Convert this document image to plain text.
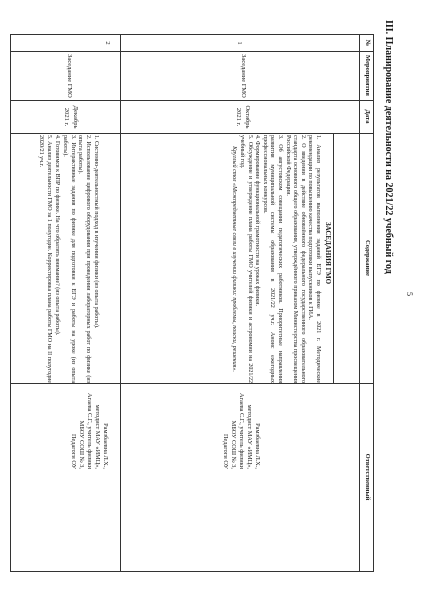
5
III. Планирование деятельности на 2021/22 учебный год
№
Мероприятия
Дата
Содержание
Ответственный
ЗАСЕДАНИЯ ГМО
1
Заседание ГМО
Октябрь
2021 г.

1. Анализ результатов выполнения заданий ЕГЭ по физике в 2021 г. Методические рекомендации по повышению качества подготовки выпускников к ГИА.

2. О введении в действие обновлённого федерального государственного образовательного стандарта основного общего образования, утверждённого приказом Министерства просвещения Российской Федерации.

3. Об августовском совещании педагогических работников. Приоритетные направления развития муниципальной системы образования в 2021/22 уч.г. Анонс ежегодных профессиональных конкурсов.

4. Формирование функциональной грамотности на уроках физики.

5. Обсуждение и утверждение плана работы ГМО учителей физики и астрономии на 2021/22 учебный год.

Круглый стол «Межпредметные связи в изучении физики: проблемы, поиски, решения».

Рамзбаевна Л.Х.,
методист МАУ «ИМЦ»,
Агаева С.Г., учитель физики
МБОУ СОШ № 3,
Педагоги ОУ
2
Заседание ГМО
Декабрь
2021 г.

1. Системно-деятельностный подход в изучении физики (из опыта работы).

2. Использование цифрового оборудования при проведении лабораторных работ по физике (из опыта работы).

3. Интерактивные задания по физике для подготовки к ЕГЭ и работы на уроке (из опыта работы).

4. Готовимся к ВПР по физике. На что обратить внимание? (из опыта работы).

5. Анализ деятельности ГМО за 1 полугодие. Корректировка плана работы ГМО на II полугодие 2020/21 уч.г.

Рамзбаевна Л.Х.,
методист МАУ «ИМЦ»,
Агаева С.Г., учитель физики
МБОУ СОШ № 3,
Педагоги ОУ
